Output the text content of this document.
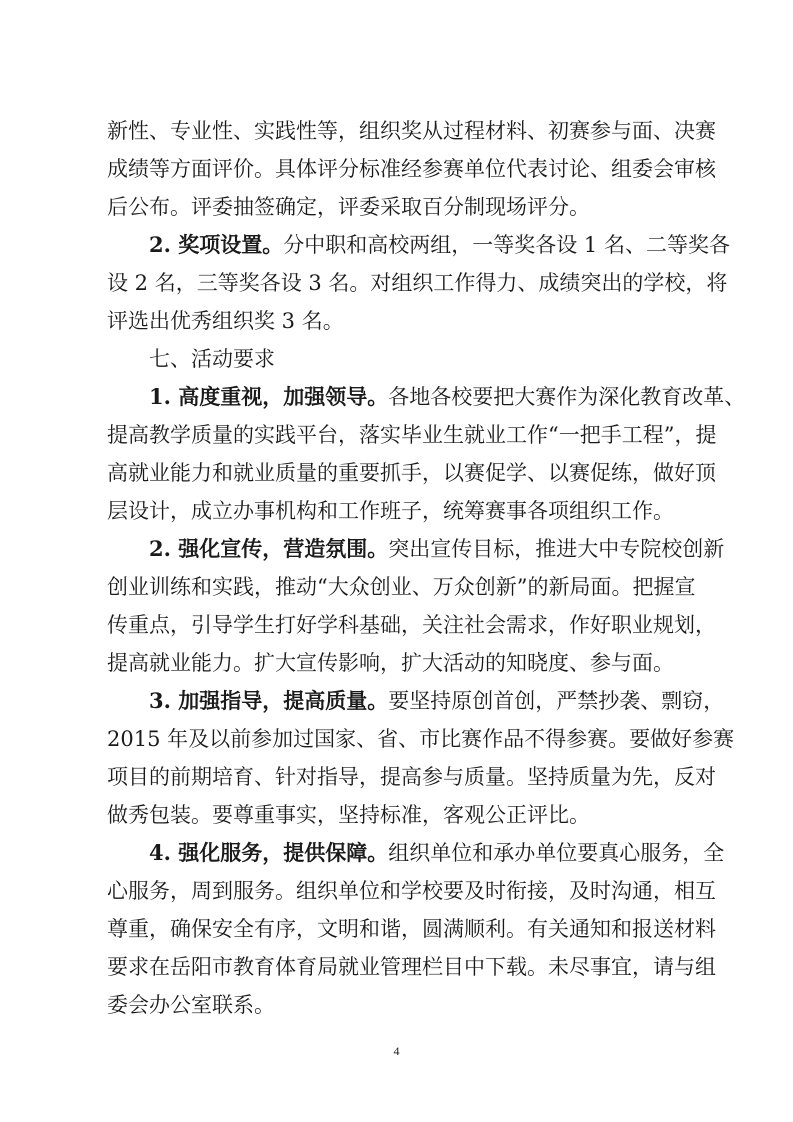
新性、专业性、实践性等，组织奖从过程材料、初赛参与面、决赛
成绩等方面评价。具体评分标准经参赛单位代表讨论、组委会审核
后公布。评委抽签确定，评委采取百分制现场评分。
2. 奖项设置。分中职和高校两组，一等奖各设 1 名、二等奖各
设 2 名，三等奖各设 3 名。对组织工作得力、成绩突出的学校，将
评选出优秀组织奖 3 名。
七、活动要求
1. 高度重视，加强领导。各地各校要把大赛作为深化教育改革、
提高教学质量的实践平台，落实毕业生就业工作“一把手工程”，提
高就业能力和就业质量的重要抓手，以赛促学、以赛促练，做好顶
层设计，成立办事机构和工作班子，统筹赛事各项组织工作。
2. 强化宣传，营造氛围。突出宣传目标，推进大中专院校创新
创业训练和实践，推动“大众创业、万众创新”的新局面。把握宣
传重点，引导学生打好学科基础，关注社会需求，作好职业规划，
提高就业能力。扩大宣传影响，扩大活动的知晓度、参与面。
3. 加强指导，提高质量。要坚持原创首创，严禁抄袭、剽窃，
2015 年及以前参加过国家、省、市比赛作品不得参赛。要做好参赛
项目的前期培育、针对指导，提高参与质量。坚持质量为先，反对
做秀包装。要尊重事实，坚持标准，客观公正评比。
4. 强化服务，提供保障。组织单位和承办单位要真心服务，全
心服务，周到服务。组织单位和学校要及时衔接，及时沟通，相互
尊重，确保安全有序，文明和谐，圆满顺利。有关通知和报送材料
要求在岳阳市教育体育局就业管理栏目中下载。未尽事宜，请与组
委会办公室联系。
4
